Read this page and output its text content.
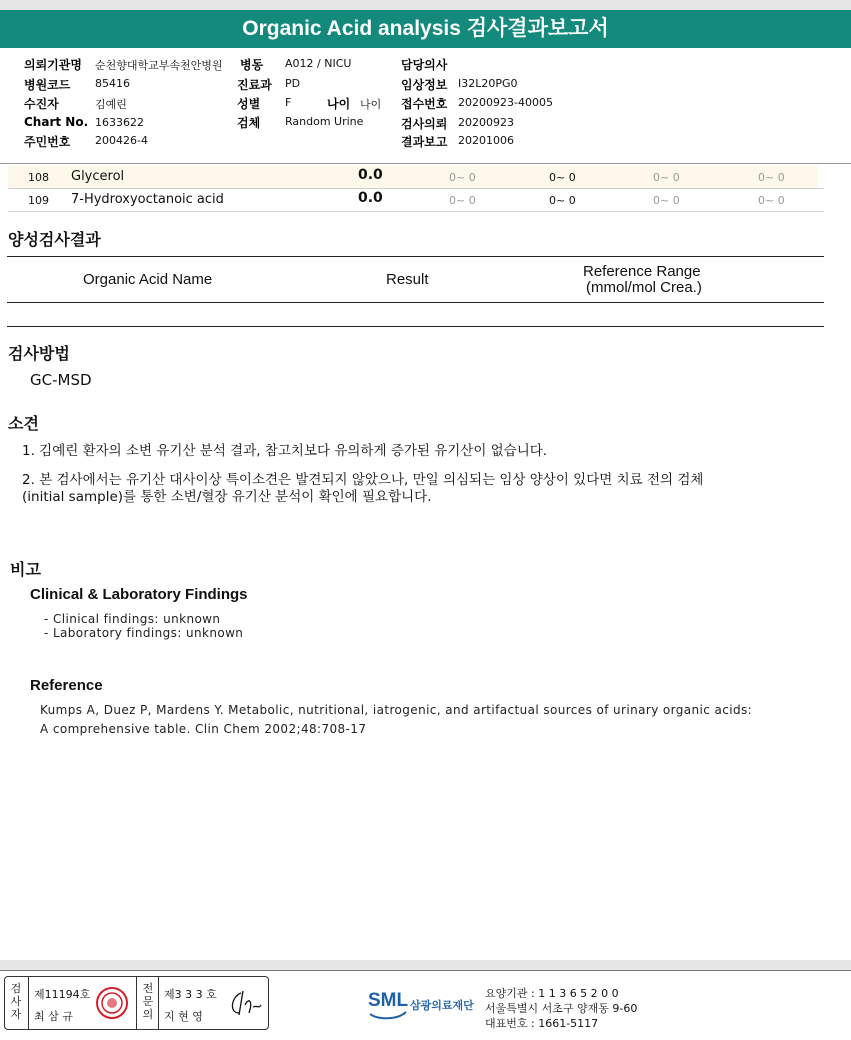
Organic Acid analysis 검사결과보고서
의뢰기관명 순천향대학교부속천안병원 병동 A012 / NICU	담당의사
병원코드 85416	진료과 PD	임상정보 I32L20PG0
수진자	김예린	성별 F	나이 나이 접수번호 20200923-40005
Chart No. 1633622	검체 Random Urine	검사의뢰 20200923
주민번호 200426-4	결과보고 20201006
108 Glycerol	0.0	0~ 0	0~ 0	0~ 0	0~ 0
109 7-Hydroxyoctanoic acid	0.0	0~ 0	0~ 0	0~ 0	0~ 0
양성검사결과
Organic Acid Name	Result	Reference Range
(mmol/mol Crea.)
검사방법
GC-MSD
소견
1. 김예린 환자의 소변 유기산 분석 결과, 참고치보다 유의하게 증가된 유기산이 없습니다.
2. 본 검사에서는 유기산 대사이상 특이소견은 발견되지 않았으나, 만일 의심되는 임상 양상이 있다면 치료 전의 검체
(initial sample)를 통한 소변/혈장 유기산 분석이 확인에 필요합니다.
비고
Clinical & Laboratory Findings
- Clinical findings: unknown
- Laboratory findings: unknown
Reference
Kumps A, Duez P, Mardens Y. Metabolic, nutritional, iatrogenic, and artifactual sources of urinary organic acids:
A comprehensive table. Clin Chem 2002;48:708-17
검사자
제11194호
최 삼 규
전문의
제3 3 3 호
지 현 영
SML 삼광의료재단
요양기관 : 1 1 3 6 5 2 0 0
서울특별시 서초구 양재동 9-60
대표번호 : 1661-5117
